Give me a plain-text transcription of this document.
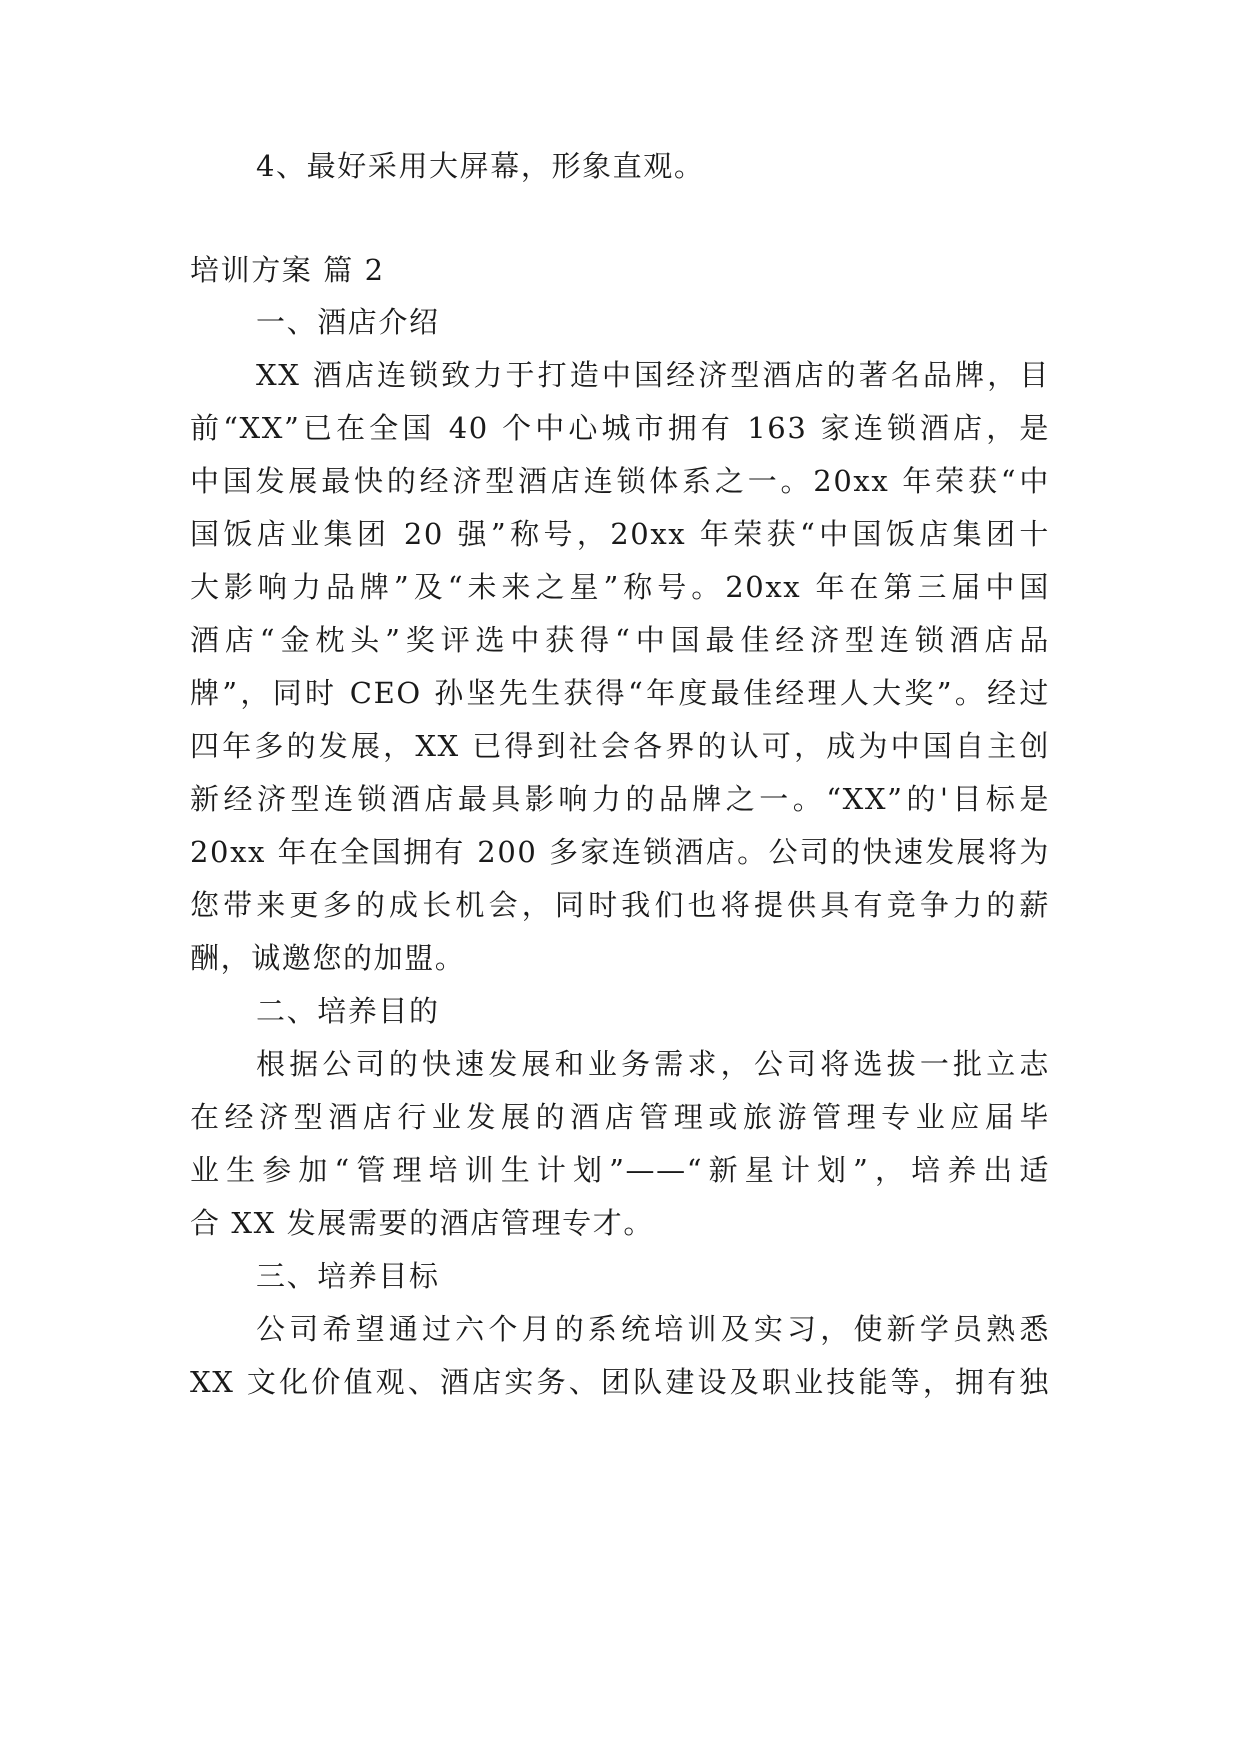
4、最好采用大屏幕，形象直观。
培训方案 篇 2
一、酒店介绍
XX 酒店连锁致力于打造中国经济型酒店的著名品牌，目
前“XX”已在全国 40 个中心城市拥有 163 家连锁酒店，是
中国发展最快的经济型酒店连锁体系之一。20xx 年荣获“中
国饭店业集团 20 强”称号，20xx 年荣获“中国饭店集团十
大影响力品牌”及“未来之星”称号。20xx 年在第三届中国
酒店“金枕头”奖评选中获得“中国最佳经济型连锁酒店品
牌”，同时 CEO 孙坚先生获得“年度最佳经理人大奖”。经过
四年多的发展，XX 已得到社会各界的认可，成为中国自主创
新经济型连锁酒店最具影响力的品牌之一。“XX”的'目标是
20xx 年在全国拥有 200 多家连锁酒店。公司的快速发展将为
您带来更多的成长机会，同时我们也将提供具有竞争力的薪
酬，诚邀您的加盟。
二、培养目的
根据公司的快速发展和业务需求，公司将选拔一批立志
在经济型酒店行业发展的酒店管理或旅游管理专业应届毕
业生参加“管理培训生计划”——“新星计划”，培养出适
合 XX 发展需要的酒店管理专才。
三、培养目标
公司希望通过六个月的系统培训及实习，使新学员熟悉
XX 文化价值观、酒店实务、团队建设及职业技能等，拥有独
